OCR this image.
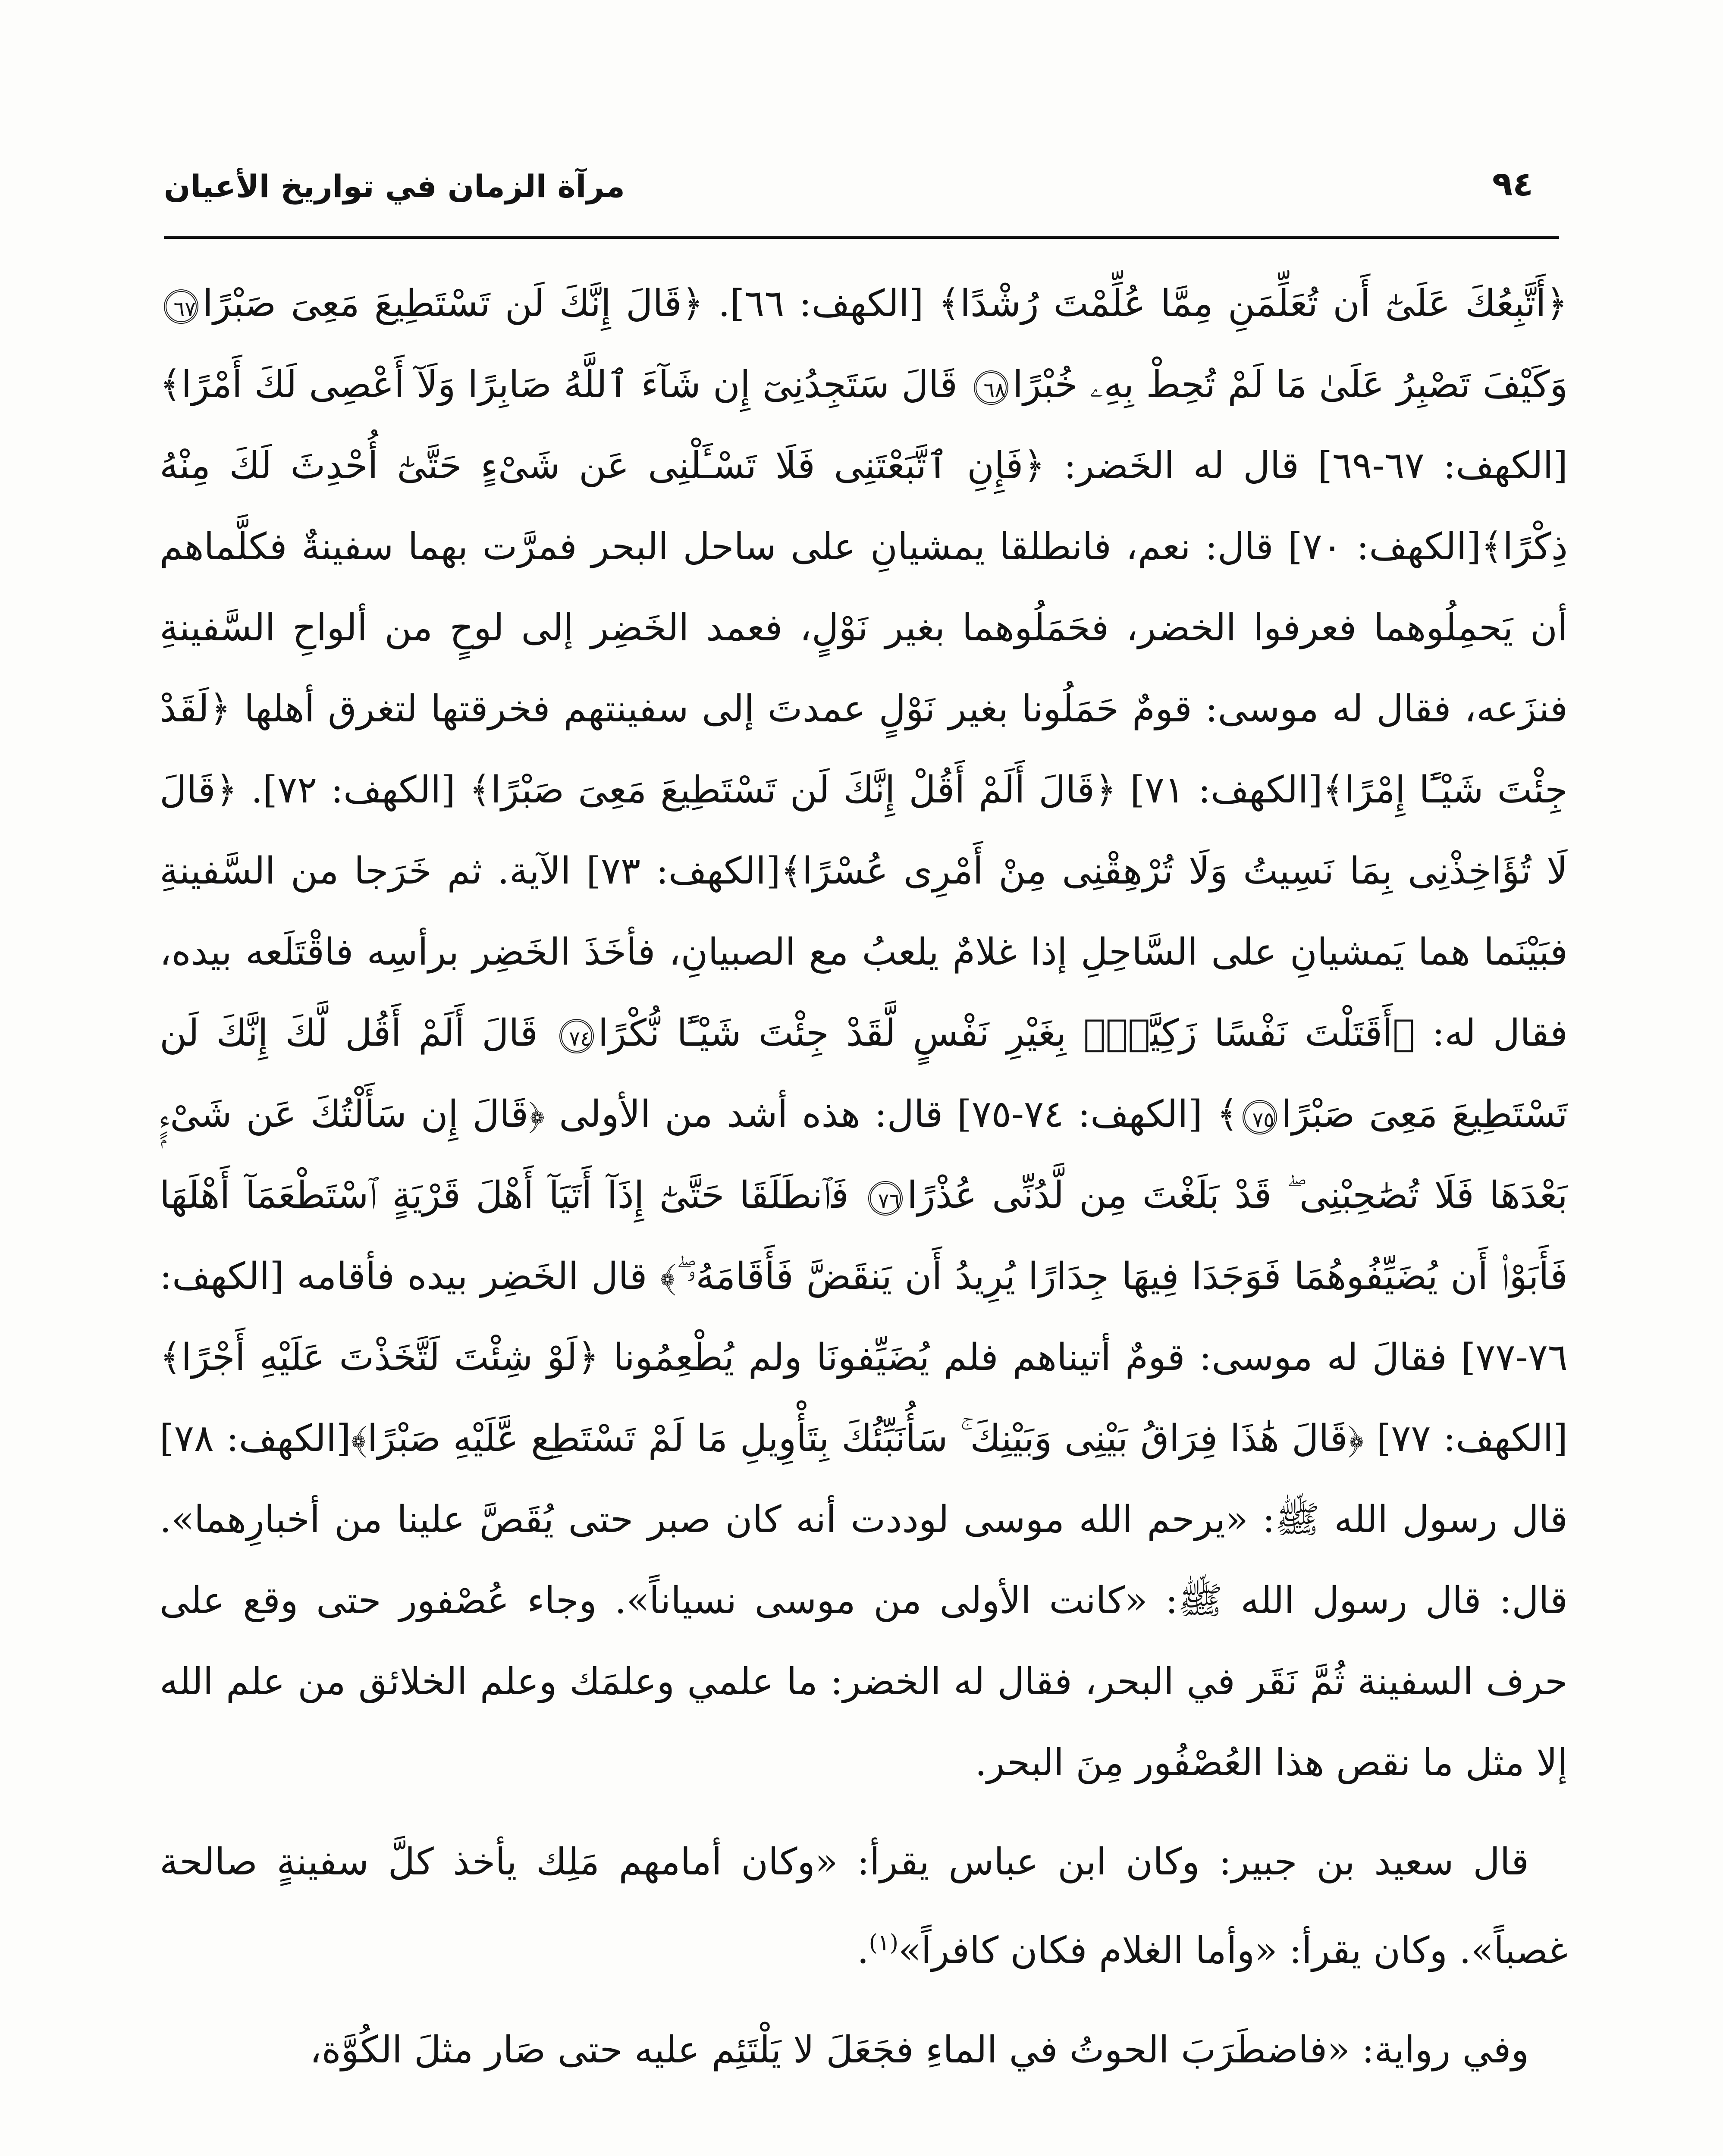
مرآة الزمان في تواريخ الأعيان	٩٤

﴿أَتَّبِعُكَ عَلَىٰٓ أَن تُعَلِّمَنِ مِمَّا عُلِّمْتَ رُشْدًا﴾ [الكهف: ٦٦]. ﴿قَالَ إِنَّكَ لَن تَسْتَطِيعَ مَعِىَ صَبْرًا٦٧ وَكَيْفَ تَصْبِرُ عَلَىٰ مَا لَمْ تُحِطْ بِهِۦ خُبْرًا٦٨ قَالَ سَتَجِدُنِىٓ إِن شَآءَ ٱللَّهُ صَابِرًا وَلَآ أَعْصِى لَكَ أَمْرًا﴾[الكهف: ٦٧-٦٩] قال له الخَضر: ﴿فَإِنِ ٱتَّبَعْتَنِى فَلَا تَسْـَٔلْنِى عَن شَىْءٍ حَتَّىٰٓ أُحْدِثَ لَكَ مِنْهُ ذِكْرًا﴾[الكهف: ٧٠] قال: نعم، فانطلقا يمشيانِ على ساحل البحر فمرَّت بهما سفينةٌ فكلَّماهم أن يَحمِلُوهما فعرفوا الخضر، فحَمَلُوهما بغير نَوْلٍ، فعمد الخَضِر إلى لوحٍ من ألواحِ السَّفينةِ فنزَعه، فقال له موسى: قومٌ حَمَلُونا بغير نَوْلٍ عمدتَ إلى سفينتهم فخرقتها لتغرق أهلها ﴿لَقَدْ جِئْتَ شَيْـًٔا إِمْرًا﴾[الكهف: ٧١] ﴿قَالَ أَلَمْ أَقُلْ إِنَّكَ لَن تَسْتَطِيعَ مَعِىَ صَبْرًا﴾ [الكهف: ٧٢]. ﴿قَالَ لَا تُؤَاخِذْنِى بِمَا نَسِيتُ وَلَا تُرْهِقْنِى مِنْ أَمْرِى عُسْرًا﴾[الكهف: ٧٣] الآية. ثم خَرَجا من السَّفينةِ فبَيْنَما هما يَمشيانِ على السَّاحِلِ إذا غلامٌ يلعبُ مع الصبيانِ، فأخَذَ الخَضِر برأسِه فاقْتَلَعه بيده، فقال له: ﴿أَقَتَلْتَ نَفْسًا زَكِيَّةًۢ بِغَيْرِ نَفْسٍ لَّقَدْ جِئْتَ شَيْـًٔا نُّكْرًا٧٤ قَالَ أَلَمْ أَقُل لَّكَ إِنَّكَ لَن تَسْتَطِيعَ مَعِىَ صَبْرًا٧٥﴾ [الكهف: ٧٤-٧٥] قال: هذه أشد من الأولى ﴿قَالَ إِن سَأَلْتُكَ عَن شَىْءٍۭ بَعْدَهَا فَلَا تُصَٰحِبْنِى ۖ قَدْ بَلَغْتَ مِن لَّدُنِّى عُذْرًا٧٦ فَٱنطَلَقَا حَتَّىٰٓ إِذَآ أَتَيَآ أَهْلَ قَرْيَةٍ ٱسْتَطْعَمَآ أَهْلَهَا فَأَبَوْا۟ أَن يُضَيِّفُوهُمَا فَوَجَدَا فِيهَا جِدَارًا يُرِيدُ أَن يَنقَضَّ فَأَقَامَهُۥ ۖ﴾ قال الخَضِر بيده فأقامه [الكهف: ٧٦-٧٧] فقالَ له موسى: قومٌ أتيناهم فلم يُضَيِّفونَا ولم يُطْعِمُونا ﴿لَوْ شِئْتَ لَتَّخَذْتَ عَلَيْهِ أَجْرًا﴾ [الكهف: ٧٧] ﴿قَالَ هَٰذَا فِرَاقُ بَيْنِى وَبَيْنِكَ ۚ سَأُنَبِّئُكَ بِتَأْوِيلِ مَا لَمْ تَسْتَطِع عَّلَيْهِ صَبْرًا﴾[الكهف: ٧٨] قال رسول الله ﷺ: «يرحم الله موسى لوددت أنه كان صبر حتى يُقَصَّ علينا من أخبارِهما». قال: قال رسول الله ﷺ: «كانت الأولى من موسى نسياناً». وجاء عُصْفور حتى وقع على حرف السفينة ثُمَّ نَقَر في البحر، فقال له الخضر: ما علمي وعلمَك وعلم الخلائق من علم الله إلا مثل ما نقص هذا العُصْفُور مِنَ البحر.

قال سعيد بن جبير: وكان ابن عباس يقرأ: «وكان أمامهم مَلِك يأخذ كلَّ سفينةٍ صالحة غصباً». وكان يقرأ: «وأما الغلام فكان كافراً»$^{(١)}$.

وفي رواية: «فاضطَرَبَ الحوتُ في الماءِ فجَعَلَ لا يَلْتَئِم عليه حتى صَار مثلَ الكُوَّة،
